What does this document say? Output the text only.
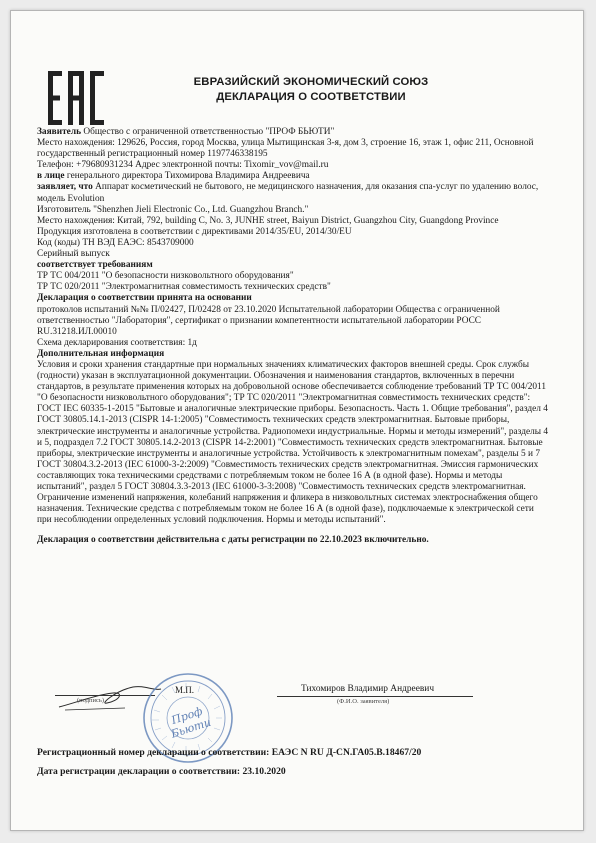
ЕВРАЗИЙСКИЙ ЭКОНОМИЧЕСКИЙ СОЮЗ
ДЕКЛАРАЦИЯ О СООТВЕТСТВИИ

Заявитель Общество с ограниченной ответственностью "ПРОФ БЬЮТИ"

Место нахождения: 129626, Россия, город Москва, улица Мытищинская 3-я, дом 3, строение 16, этаж 1, офис 211, Основной государственный регистрационный номер 1197746338195

Телефон: +79680931234 Адрес электронной почты: Tixomir_vov@mail.ru

в лице генерального директора Тихомирова Владимира Андреевича

заявляет, что Аппарат косметический не бытового, не медицинского назначения, для оказания спа-услуг по удалению волос, модель Evolution

Изготовитель "Shenzhen Jieli Electronic Co., Ltd. Guangzhou Branch."

Место нахождения: Китай, 792, building C, No. 3, JUNHE street, Baiyun District, Guangzhou City, Guangdong Province

Продукция изготовлена в соответствии с директивами 2014/35/EU, 2014/30/EU

Код (коды) ТН ВЭД ЕАЭС: 8543709000

Серийный выпуск

соответствует требованиям

ТР ТС 004/2011 "О безопасности низковольтного оборудования"

ТР ТС 020/2011 "Электромагнитная совместимость технических средств"

Декларация о соответствии принята на основании

протоколов испытаний №№ П/02427, П/02428 от 23.10.2020 Испытательной лаборатории Общества с ограниченной ответственностью "Лаборатория", сертификат о признании компетентности испытательной лаборатории РОСС RU.31218.ИЛ.00010

Схема декларирования соответствия: 1д

Дополнительная информация

Условия и сроки хранения стандартные при нормальных значениях климатических факторов внешней среды. Срок службы (годности) указан в эксплуатационной документации. Обозначения и наименования стандартов, включенных в перечни стандартов, в результате применения которых на добровольной основе обеспечивается соблюдение требований ТР ТС 004/2011 "О безопасности низковольтного оборудования"; ТР ТС 020/2011 "Электромагнитная совместимость технических средств": ГОСТ IEC 60335-1-2015 "Бытовые и аналогичные электрические приборы. Безопасность. Часть 1. Общие требования", раздел 4 ГОСТ 30805.14.1-2013 (CISPR 14-1:2005) "Совместимость технических средств электромагнитная. Бытовые приборы, электрические инструменты и аналогичные устройства. Радиопомехи индустриальные. Нормы и методы измерений", разделы 4 и 5, подраздел 7.2 ГОСТ 30805.14.2-2013 (CISPR 14-2:2001) "Совместимость технических средств электромагнитная. Бытовые приборы, электрические инструменты и аналогичные устройства. Устойчивость к электромагнитным помехам", разделы 5 и 7 ГОСТ 30804.3.2-2013 (IEC 61000-3-2:2009) "Совместимость технических средств электромагнитная. Эмиссия гармонических составляющих тока техническими средствами с потребляемым током не более 16 А (в одной фазе). Нормы и методы испытаний", раздел 5 ГОСТ 30804.3.3-2013 (IEC 61000-3-3:2008) "Совместимость технических средств электромагнитная. Ограничение изменений напряжения, колебаний напряжения и фликера в низковольтных системах электроснабжения общего назначения. Технические средства с потребляемым током не более 16 А (в одной фазе), подключаемые к электрической сети при несоблюдении определенных условий подключения. Нормы и методы испытаний".

Декларация о соответствии действительна с даты регистрации по 22.10.2023 включительно.

(подпись)
М.П.	Тихомиров Владимир Андреевич
(Ф.И.О. заявителя)
Проф Бьюти
Регистрационный номер декларации о соответствии: ЕАЭС N RU Д-CN.ГА05.В.18467/20
Дата регистрации декларации о соответствии: 23.10.2020
